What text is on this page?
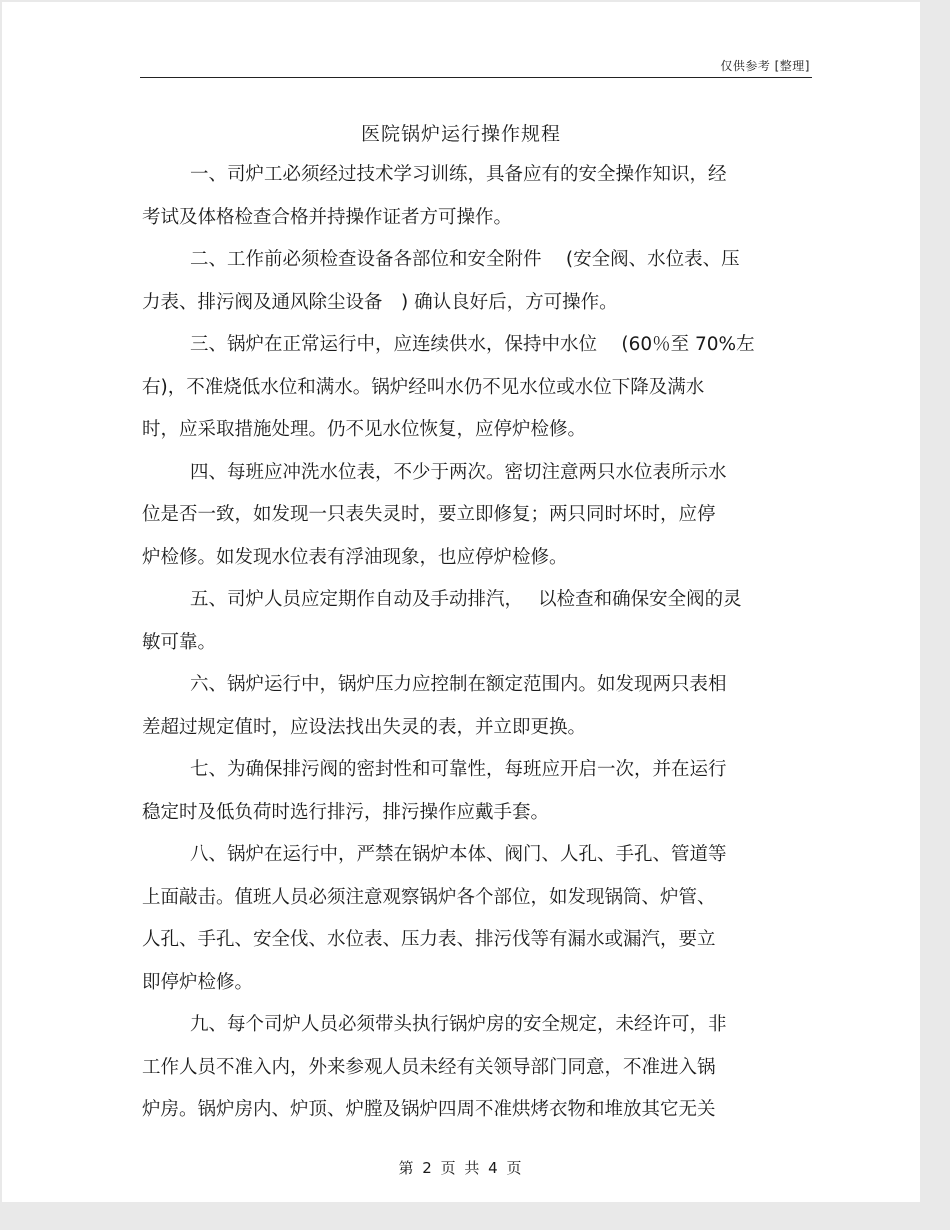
仅供参考 [整理]
医院锅炉运行操作规程
一、司炉工必须经过技术学习训练，具备应有的安全操作知识，经
考试及体格检查合格并持操作证者方可操作。
二、工作前必须检查设备各部位和安全附件　 (安全阀、水位表、压
力表、排污阀及通风除尘设备　) 确认良好后，方可操作。
三、锅炉在正常运行中，应连续供水，保持中水位　 (60％至 70%左
右)，不准烧低水位和满水。锅炉经叫水仍不见水位或水位下降及满水
时，应采取措施处理。仍不见水位恢复，应停炉检修。
四、每班应冲洗水位表，不少于两次。密切注意两只水位表所示水
位是否一致，如发现一只表失灵时，要立即修复；两只同时坏时，应停
炉检修。如发现水位表有浮油现象，也应停炉检修。
五、司炉人员应定期作自动及手动排汽，　 以检查和确保安全阀的灵
敏可靠。
六、锅炉运行中，锅炉压力应控制在额定范围内。如发现两只表相
差超过规定值时，应设法找出失灵的表，并立即更换。
七、为确保排污阀的密封性和可靠性，每班应开启一次，并在运行
稳定时及低负荷时选行排污，排污操作应戴手套。
八、锅炉在运行中，严禁在锅炉本体、阀门、人孔、手孔、管道等
上面敲击。值班人员必须注意观察锅炉各个部位，如发现锅筒、炉管、
人孔、手孔、安全伐、水位表、压力表、排污伐等有漏水或漏汽，要立
即停炉检修。
九、每个司炉人员必须带头执行锅炉房的安全规定，未经许可，非
工作人员不准入内，外来参观人员未经有关领导部门同意，不准进入锅
炉房。锅炉房内、炉顶、炉膛及锅炉四周不准烘烤衣物和堆放其它无关
第 2 页 共 4 页
